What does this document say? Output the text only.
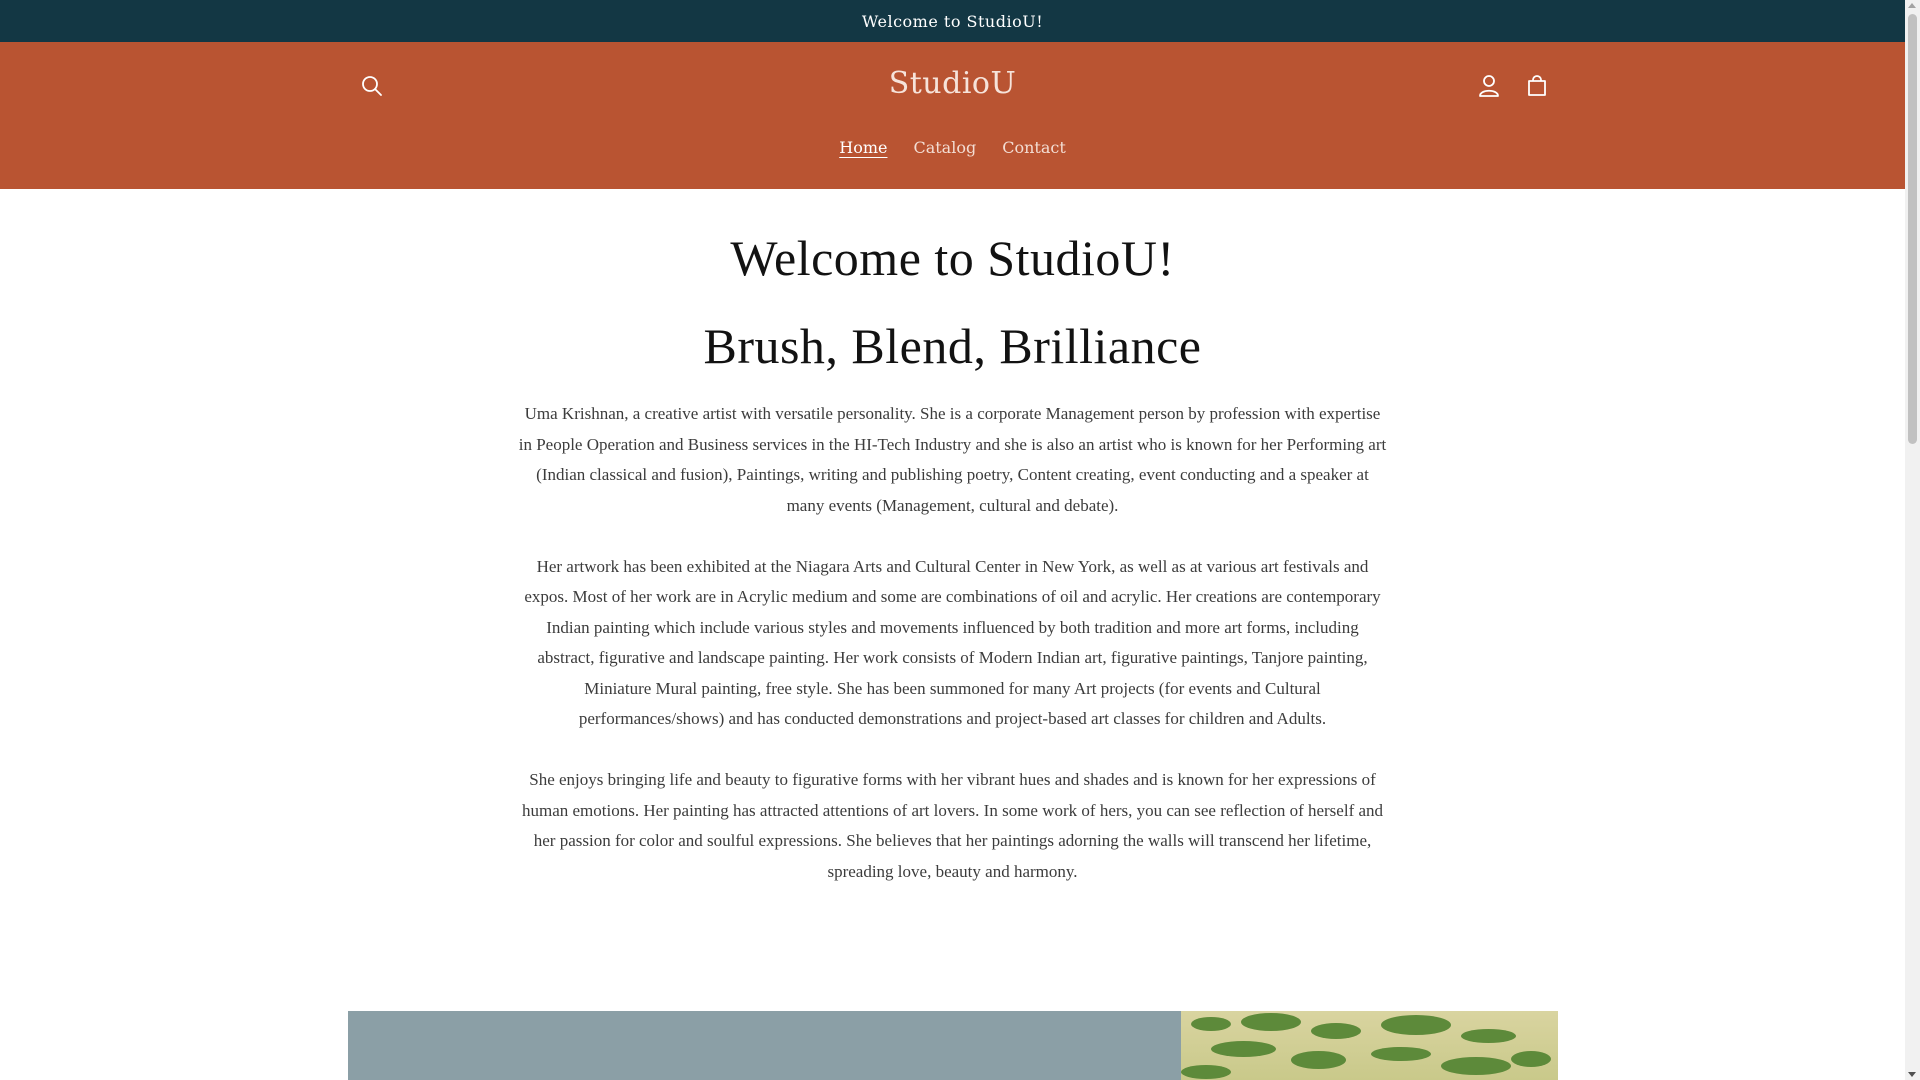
Welcome to StudioU!
StudioU
Home Catalog Contact
Welcome to StudioU!
Brush, Blend, Brilliance

Uma Krishnan, a creative artist with versatile personality. She is a corporate Management person by profession with expertise in People Operation and Business services in the HI-Tech Industry and she is also an artist who is known for her Performing art (Indian classical and fusion), Paintings, writing and publishing poetry, Content creating, event conducting and a speaker at many events (Management, cultural and debate).

Her artwork has been exhibited at the Niagara Arts and Cultural Center in New York, as well as at various art festivals and expos. Most of her work are in Acrylic medium and some are combinations of oil and acrylic. Her creations are contemporary Indian painting which include various styles and movements influenced by both tradition and more art forms, including abstract, figurative and landscape painting. Her work consists of Modern Indian art, figurative paintings, Tanjore painting, Miniature Mural painting, free style. She has been summoned for many Art projects (for events and Cultural performances/shows) and has conducted demonstrations and project-based art classes for children and Adults.

She enjoys bringing life and beauty to figurative forms with her vibrant hues and shades and is known for her expressions of human emotions. Her painting has attracted attentions of art lovers. In some work of hers, you can see reflection of herself and her passion for color and soulful expressions. She believes that her paintings adorning the walls will transcend her lifetime, spreading love, beauty and harmony.
